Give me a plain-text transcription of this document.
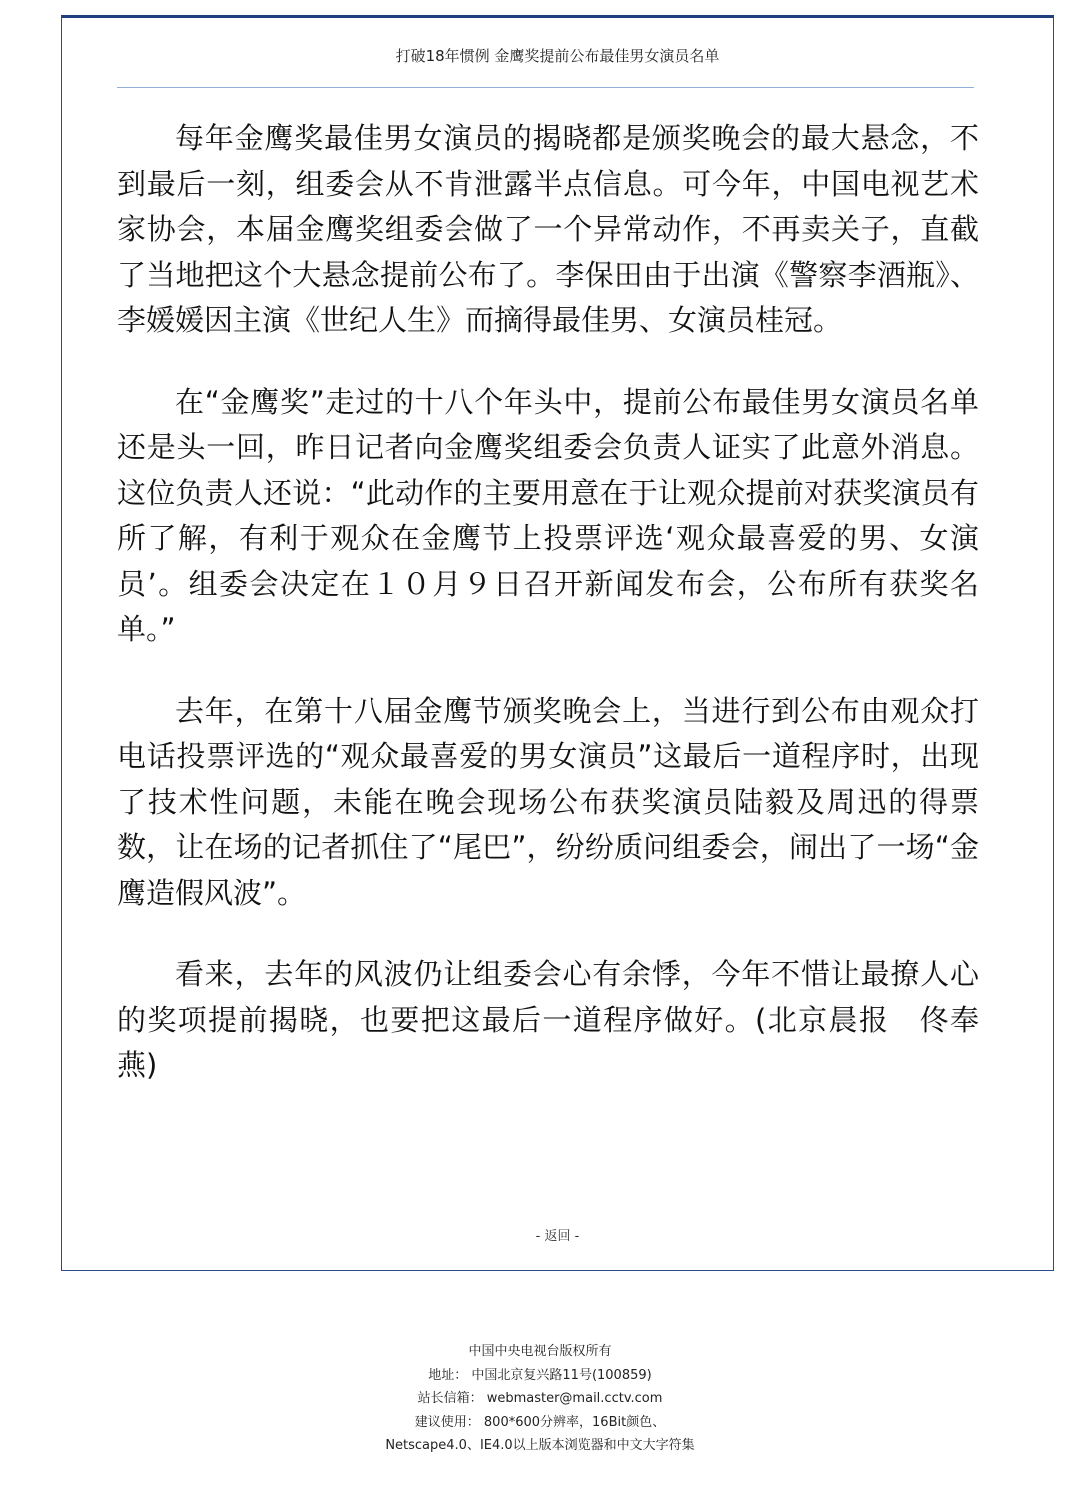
打破18年惯例 金鹰奖提前公布最佳男女演员名单

每年金鹰奖最佳男女演员的揭晓都是颁奖晚会的最大悬念，不到最后一刻，组委会从不肯泄露半点信息。可今年，中国电视艺术家协会，本届金鹰奖组委会做了一个异常动作，不再卖关子，直截了当地把这个大悬念提前公布了。李保田由于出演《警察李酒瓶》、李媛媛因主演《世纪人生》而摘得最佳男、女演员桂冠。

在“金鹰奖”走过的十八个年头中，提前公布最佳男女演员名单还是头一回，昨日记者向金鹰奖组委会负责人证实了此意外消息。这位负责人还说：“此动作的主要用意在于让观众提前对获奖演员有所了解，有利于观众在金鹰节上投票评选‘观众最喜爱的男、女演员’。组委会决定在１０月９日召开新闻发布会，公布所有获奖名单。”

去年，在第十八届金鹰节颁奖晚会上，当进行到公布由观众打电话投票评选的“观众最喜爱的男女演员”这最后一道程序时，出现了技术性问题，未能在晚会现场公布获奖演员陆毅及周迅的得票数，让在场的记者抓住了“尾巴”，纷纷质问组委会，闹出了一场“金鹰造假风波”。

看来，去年的风波仍让组委会心有余悸，今年不惜让最撩人心的奖项提前揭晓，也要把这最后一道程序做好。(北京晨报　佟奉燕)

- 返回 -
中国中央电视台版权所有
地址： 中国北京复兴路11号(100859)
站长信箱： webmaster@mail.cctv.com
建议使用： 800*600分辨率，16Bit颜色、
Netscape4.0、IE4.0以上版本浏览器和中文大字符集
